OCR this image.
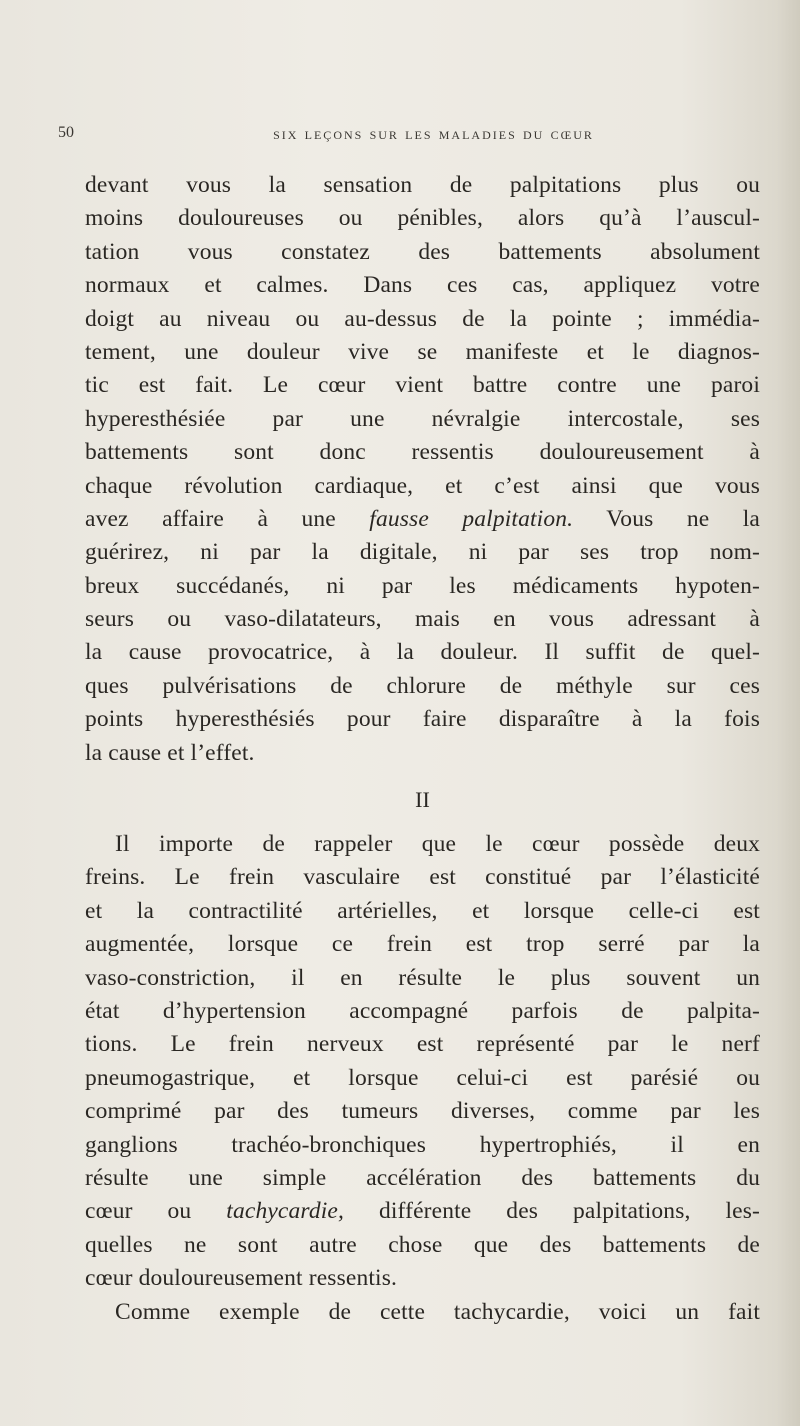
50	six leçons sur les maladies du cœur
devant vous la sensation de palpitations plus ou
moins douloureuses ou pénibles, alors qu’à l’auscul-
tation vous constatez des battements absolument
normaux et calmes. Dans ces cas, appliquez votre
doigt au niveau ou au-dessus de la pointe ; immédia-
tement, une douleur vive se manifeste et le diagnos-
tic est fait. Le cœur vient battre contre une paroi
hyperesthésiée par une névralgie intercostale, ses
battements sont donc ressentis douloureusement à
chaque révolution cardiaque, et c’est ainsi que vous
avez affaire à une fausse palpitation. Vous ne la
guérirez, ni par la digitale, ni par ses trop nom-
breux succédanés, ni par les médicaments hypoten-
seurs ou vaso-dilatateurs, mais en vous adressant à
la cause provocatrice, à la douleur. Il suffit de quel-
ques pulvérisations de chlorure de méthyle sur ces
points hyperesthésiés pour faire disparaître à la fois
la cause et l’effet.
II
Il importe de rappeler que le cœur possède deux
freins. Le frein vasculaire est constitué par l’élasticité
et la contractilité artérielles, et lorsque celle-ci est
augmentée, lorsque ce frein est trop serré par la
vaso-constriction, il en résulte le plus souvent un
état d’hypertension accompagné parfois de palpita-
tions. Le frein nerveux est représenté par le nerf
pneumogastrique, et lorsque celui-ci est parésié ou
comprimé par des tumeurs diverses, comme par les
ganglions trachéo-bronchiques hypertrophiés, il en
résulte une simple accélération des battements du
cœur ou tachycardie, différente des palpitations, les-
quelles ne sont autre chose que des battements de
cœur douloureusement ressentis.
Comme exemple de cette tachycardie, voici un fait
